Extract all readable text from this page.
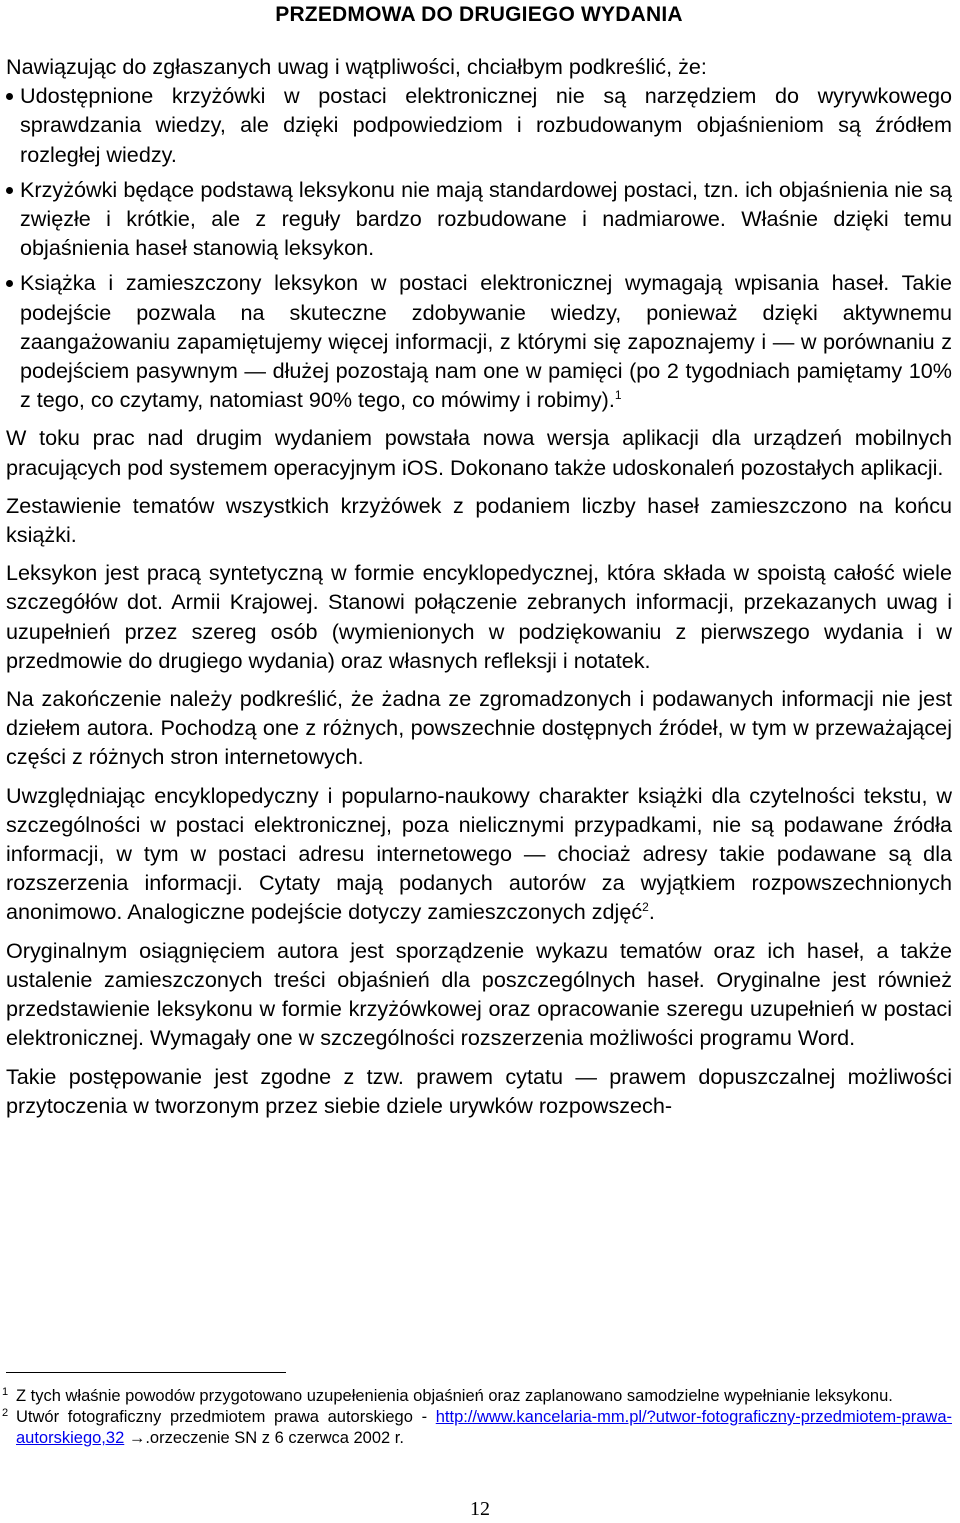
PRZEDMOWA DO DRUGIEGO WYDANIA

Nawiązując do zgłaszanych uwag i wątpliwości, chciałbym podkreślić, że:

Udostępnione krzyżówki w postaci elektronicznej nie są narzędziem do wyrywkowego sprawdzania wiedzy, ale dzięki podpowiedziom i rozbudowanym objaśnieniom są źródłem rozległej wiedzy.
Krzyżówki będące podstawą leksykonu nie mają standardowej postaci, tzn. ich objaśnienia nie są zwięzłe i krótkie, ale z reguły bardzo rozbudowane i nadmiarowe. Właśnie dzięki temu objaśnienia haseł stanowią leksykon.
Książka i zamieszczony leksykon w postaci elektronicznej wymagają wpisania haseł. Takie podejście pozwala na skuteczne zdobywanie wiedzy, ponieważ dzięki aktywnemu zaangażowaniu zapamiętujemy więcej informacji, z którymi się zapoznajemy i — w porównaniu z podejściem pasywnym — dłużej pozostają nam one w pamięci (po 2 tygodniach pamiętamy 10% z tego, co czytamy, natomiast 90% tego, co mówimy i robimy).$^1$

W toku prac nad drugim wydaniem powstała nowa wersja aplikacji dla urządzeń mobilnych pracujących pod systemem operacyjnym iOS. Dokonano także udoskonaleń pozostałych aplikacji.

Zestawienie tematów wszystkich krzyżówek z podaniem liczby haseł zamieszczono na końcu książki.

Leksykon jest pracą syntetyczną w formie encyklopedycznej, która składa w spoistą całość wiele szczegółów dot. Armii Krajowej. Stanowi połączenie zebranych informacji, przekazanych uwag i uzupełnień przez szereg osób (wymienionych w podziękowaniu z pierwszego wydania i w przedmowie do drugiego wydania) oraz własnych refleksji i notatek.

Na zakończenie należy podkreślić, że żadna ze zgromadzonych i podawanych informacji nie jest dziełem autora. Pochodzą one z różnych, powszechnie dostępnych źródeł, w tym w przeważającej części z różnych stron internetowych.

Uwzględniając encyklopedyczny i popularno-naukowy charakter książki dla czytelności tekstu, w szczególności w postaci elektronicznej, poza nielicznymi przypadkami, nie są podawane źródła informacji, w tym w postaci adresu internetowego — chociaż adresy takie podawane są dla rozszerzenia informacji. Cytaty mają podanych autorów za wyjątkiem rozpowszechnionych anonimowo. Analogiczne podejście dotyczy zamieszczonych zdjęć$^2$.

Oryginalnym osiągnięciem autora jest sporządzenie wykazu tematów oraz ich haseł, a także ustalenie zamieszczonych treści objaśnień dla poszczególnych haseł. Oryginalne jest również przedstawienie leksykonu w formie krzyżówkowej oraz opracowanie szeregu uzupełnień w postaci elektronicznej. Wymagały one w szczególności rozszerzenia możliwości programu Word.

Takie postępowanie jest zgodne z tzw. prawem cytatu — prawem dopuszczalnej możliwości przytoczenia w tworzonym przez siebie dziele urywków rozpowszech-

1 Z tych właśnie powodów przygotowano uzupełenienia objaśnień oraz zaplanowano samodzielne wypełnianie leksykonu.
2 Utwór fotograficzny przedmiotem prawa autorskiego - http://www.kancelaria-mm.pl/?utwor-fotograficzny-przedmiotem-prawa-autorskiego,32 →.orzeczenie SN z 6 czerwca 2002 r.
12
